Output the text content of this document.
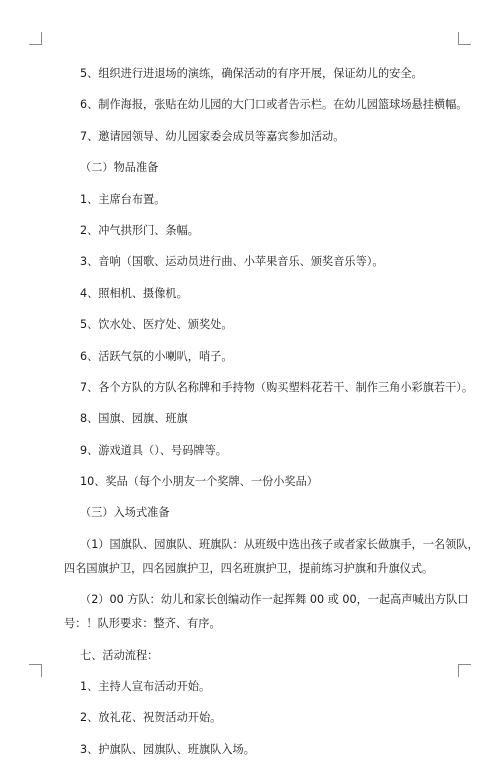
5、组织进行进退场的演练，确保活动的有序开展，保证幼儿的安全。
6、制作海报，张贴在幼儿园的大门口或者告示栏。在幼儿园篮球场悬挂横幅。
7、邀请园领导、幼儿园家委会成员等嘉宾参加活动。
（二）物品准备
1、主席台布置。
2、冲气拱形门、条幅。
3、音响（国歌、运动员进行曲、小苹果音乐、颁奖音乐等）。
4、照相机、摄像机。
5、饮水处、医疗处、颁奖处。
6、活跃气氛的小喇叭，哨子。
7、各个方队的方队名称牌和手持物（购买塑料花若干、制作三角小彩旗若干）。
8、国旗、园旗、班旗
9、游戏道具（）、号码牌等。
10、奖品（每个小朋友一个奖牌、一份小奖品）
（三）入场式准备
（1）国旗队、园旗队、班旗队：从班级中选出孩子或者家长做旗手，一名领队，
四名国旗护卫，四名园旗护卫，四名班旗护卫，提前练习护旗和升旗仪式。
（2）00 方队：幼儿和家长创编动作一起挥舞 00 或 00，一起高声喊出方队口
号：！队形要求：整齐、有序。
七、活动流程：
1、主持人宣布活动开始。
2、放礼花、祝贺活动开始。
3、护旗队、园旗队、班旗队入场。
